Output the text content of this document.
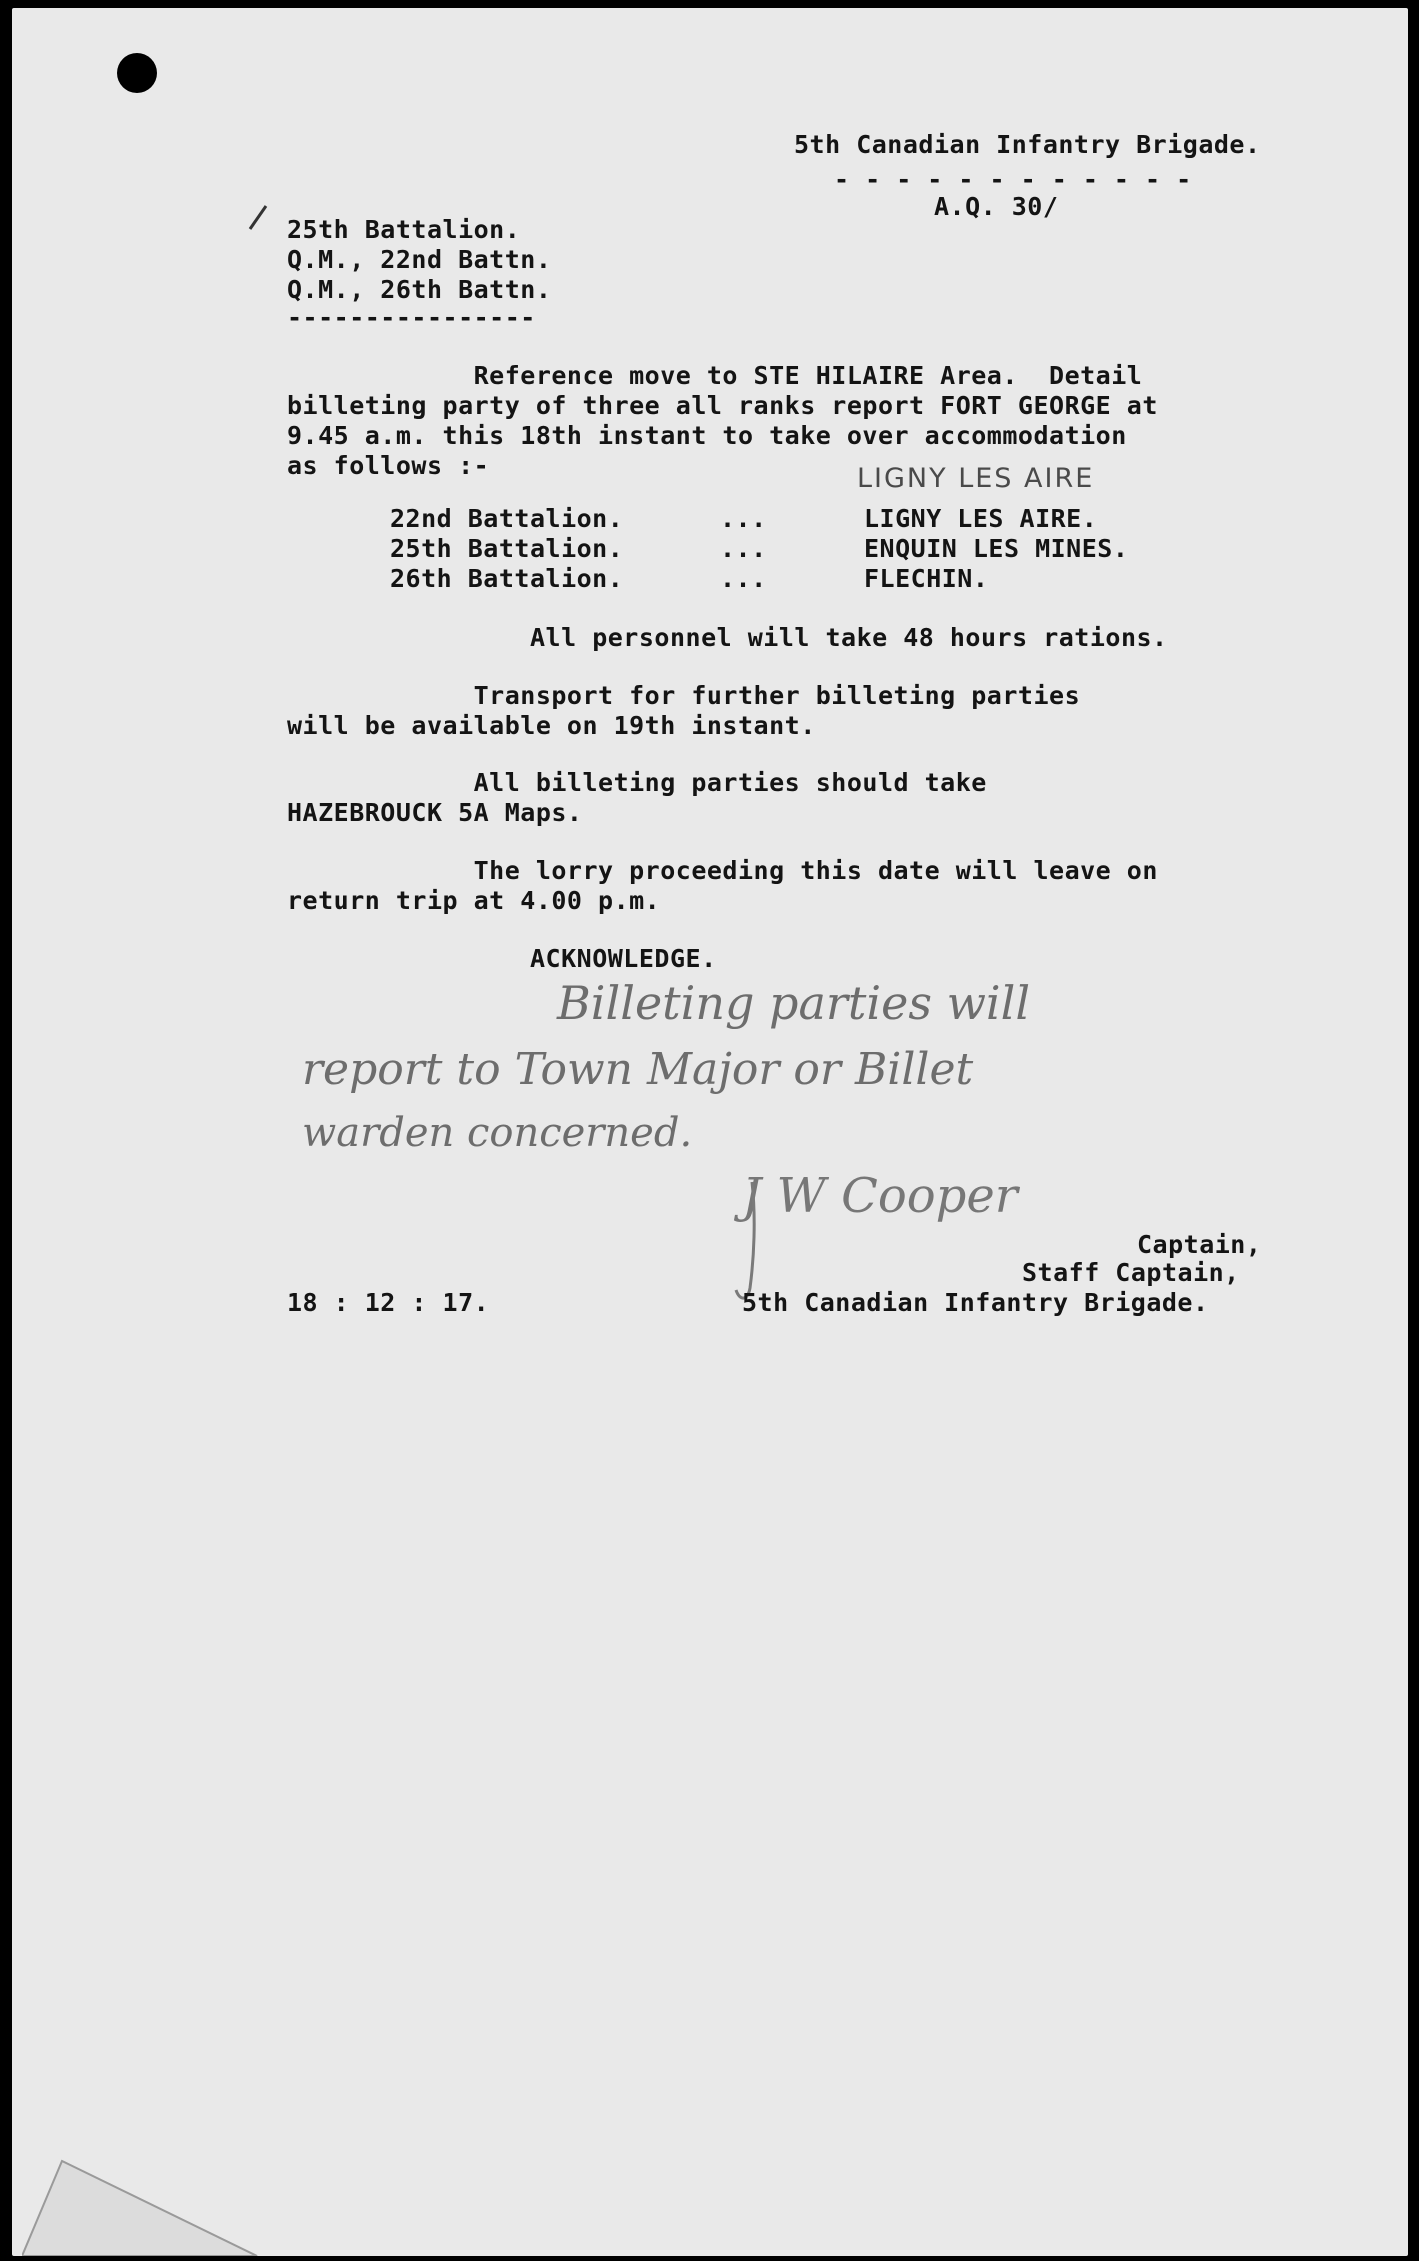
5th Canadian Infantry Brigade.
- - - - - - - - - - - -
A.Q. 30/
25th Battalion.
Q.M., 22nd Battn.
Q.M., 26th Battn.
----------------
Reference move to STE HILAIRE Area.  Detail
billeting party of three all ranks report FORT GEORGE at
9.45 a.m. this 18th instant to take over accommodation
as follows :-	LIGNY LES AIRE
22nd Battalion.	...	LIGNY LES AIRE.
25th Battalion.	...	ENQUIN LES MINES.
26th Battalion.	...	FLECHIN.
All personnel will take 48 hours rations.
Transport for further billeting parties
will be available on 19th instant.
All billeting parties should take
HAZEBROUCK 5A Maps.
The lorry proceeding this date will leave on
return trip at 4.00 p.m.
ACKNOWLEDGE.
Billeting parties will
report to Town Major or Billet
warden concerned.
J W Cooper
Captain,
Staff Captain,
5th Canadian Infantry Brigade.
18 : 12 : 17.
